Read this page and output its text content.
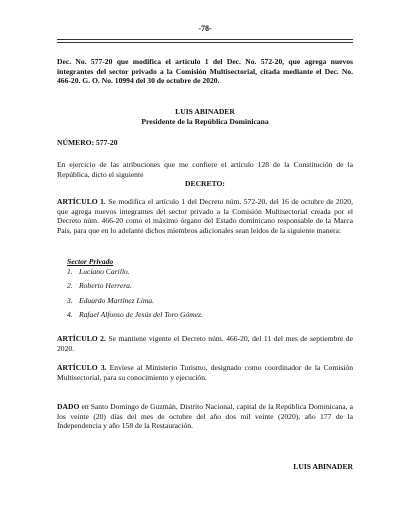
-78-
Dec. No. 577-20 que modifica el artículo 1 del Dec. No. 572-20, que agrega nuevos integrantes del sector privado a la Comisión Multisectorial, citada mediante el Dec. No. 466-20. G. O. No. 10994 del 30 de octubre de 2020.
LUIS ABINADER
Presidente de la República Dominicana
NÚMERO: 577-20
En ejercicio de las atribuciones que me confiere el artículo 128 de la Constitución de la República, dicto el siguiente
DECRETO:
ARTÍCULO 1. Se modifica el artículo 1 del Decreto núm. 572-20, del 16 de octubre de 2020, que agrega nuevos integrantes del sector privado a la Comisión Multisectorial creada por el Decreto núm. 466-20 como el máximo órgano del Estado dominicano responsable de la Marca País, para que en lo adelante dichos miembros adicionales sean leídos de la siguiente manera:
Sector Privado
1. Luciano Carillo.
2. Roberto Herrera.
3. Eduardo Martínez Lima.
4. Rafael Alfonso de Jesús del Toro Gómez.
ARTÍCULO 2. Se mantiene vigente el Decreto núm. 466-20, del 11 del mes de septiembre de 2020.
ARTÍCULO 3. Envíese al Ministerio Turismo, designado como coordinador de la Comisión Multisectorial, para su conocimiento y ejecución.
DADO en Santo Domingo de Guzmán, Distrito Nacional, capital de la República Dominicana, a los veinte (20) días del mes de octubre del año dos mil veinte (2020), año 177 de la Independencia y año 158 de la Restauración.
LUIS ABINADER
